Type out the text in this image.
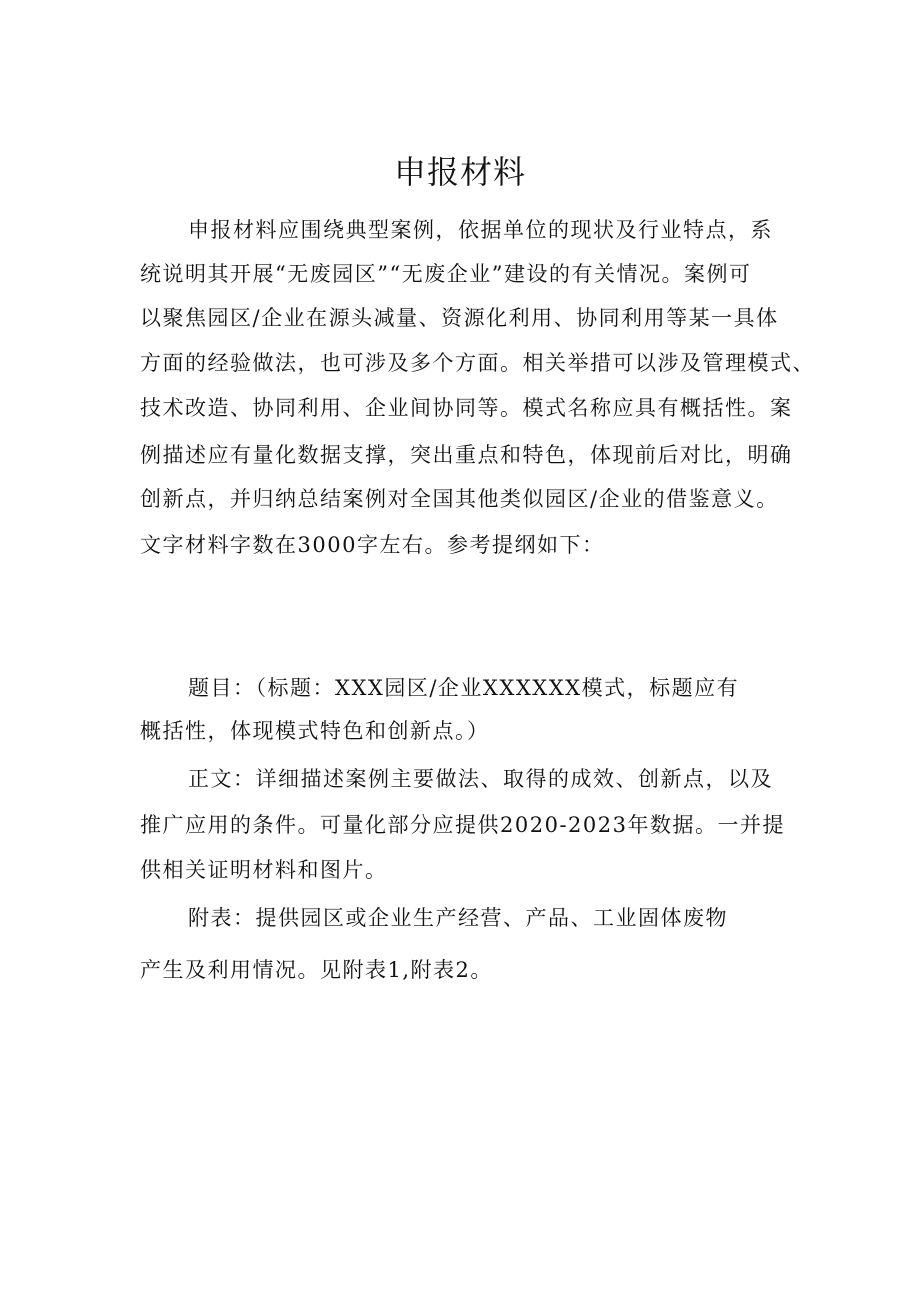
申报材料
申报材料应围绕典型案例，依据单位的现状及行业特点，系
统说明其开展“无废园区”“无废企业”建设的有关情况。案例可
以聚焦园区/企业在源头减量、资源化利用、协同利用等某一具体
方面的经验做法，也可涉及多个方面。相关举措可以涉及管理模式、
技术改造、协同利用、企业间协同等。模式名称应具有概括性。案
例描述应有量化数据支撑，突出重点和特色，体现前后对比，明确
创新点，并归纳总结案例对全国其他类似园区/企业的借鉴意义。
文字材料字数在3000字左右。参考提纲如下：
题目：（标题：XXX园区/企业XXXXXX模式，标题应有
概括性，体现模式特色和创新点。）
正文：详细描述案例主要做法、取得的成效、创新点，以及
推广应用的条件。可量化部分应提供2020-2023年数据。一并提
供相关证明材料和图片。
附表：提供园区或企业生产经营、产品、工业固体废物
产生及利用情况。见附表1,附表2。
